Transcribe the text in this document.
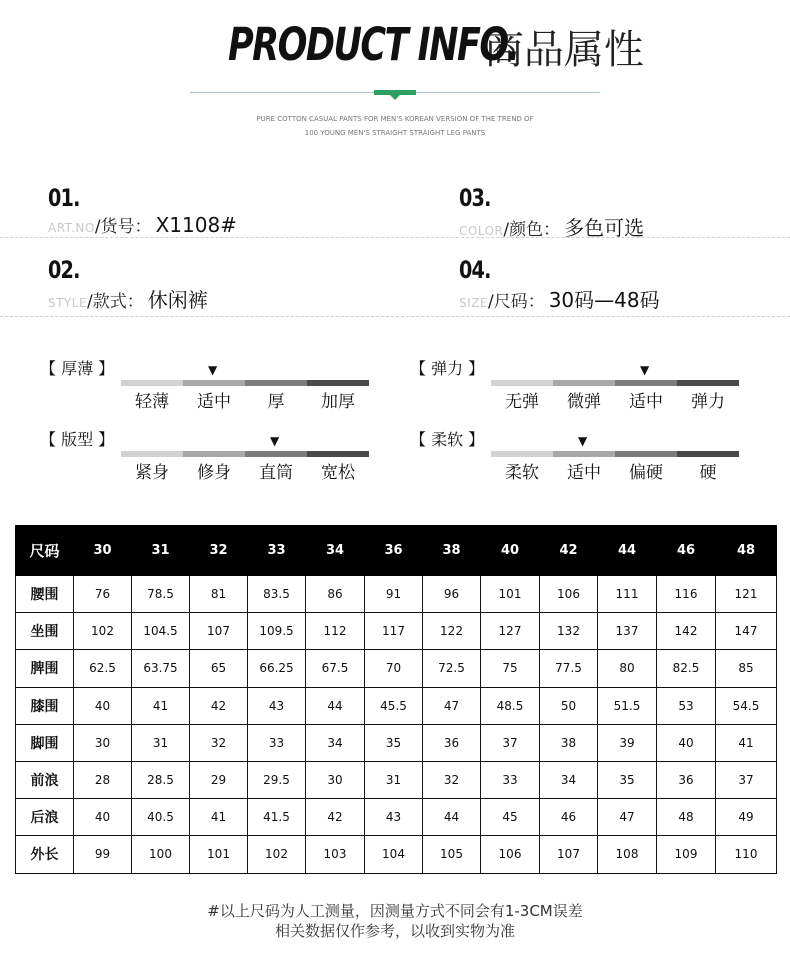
PRODUCT INFO. 商品属性
PURE COTTON CASUAL PANTS FOR MEN'S KOREAN VERSION OF THE TREND OF
100 YOUNG MEN'S STRAIGHT STRAIGHT LEG PANTS
01.
ART.NO/货号： X1108#
03.
COLOR/颜色： 多色可选
02.
STYLE/款式： 休闲裤
04.
SIZE/尺码： 30码—48码
【 厚薄 】	▼
轻薄	适中	厚	加厚
【 弹力 】	▼
无弹	微弹	适中	弹力
【 版型 】	▼
紧身	修身	直筒	宽松
【 柔软 】	▼
柔软	适中	偏硬	硬
尺码	30	31	32	33	34	36	38	40	42	44	46	48
腰围	76	78.5	81	83.5	86	91	96	101	106	111	116	121
坐围	102	104.5	107	109.5	112	117	122	127	132	137	142	147
脾围	62.5	63.75	65	66.25	67.5	70	72.5	75	77.5	80	82.5	85
膝围	40	41	42	43	44	45.5	47	48.5	50	51.5	53	54.5
脚围	30	31	32	33	34	35	36	37	38	39	40	41
前浪	28	28.5	29	29.5	30	31	32	33	34	35	36	37
后浪	40	40.5	41	41.5	42	43	44	45	46	47	48	49
外长	99	100	101	102	103	104	105	106	107	108	109	110
#以上尺码为人工测量，因测量方式不同会有1-3CM误差
相关数据仅作参考，以收到实物为准
